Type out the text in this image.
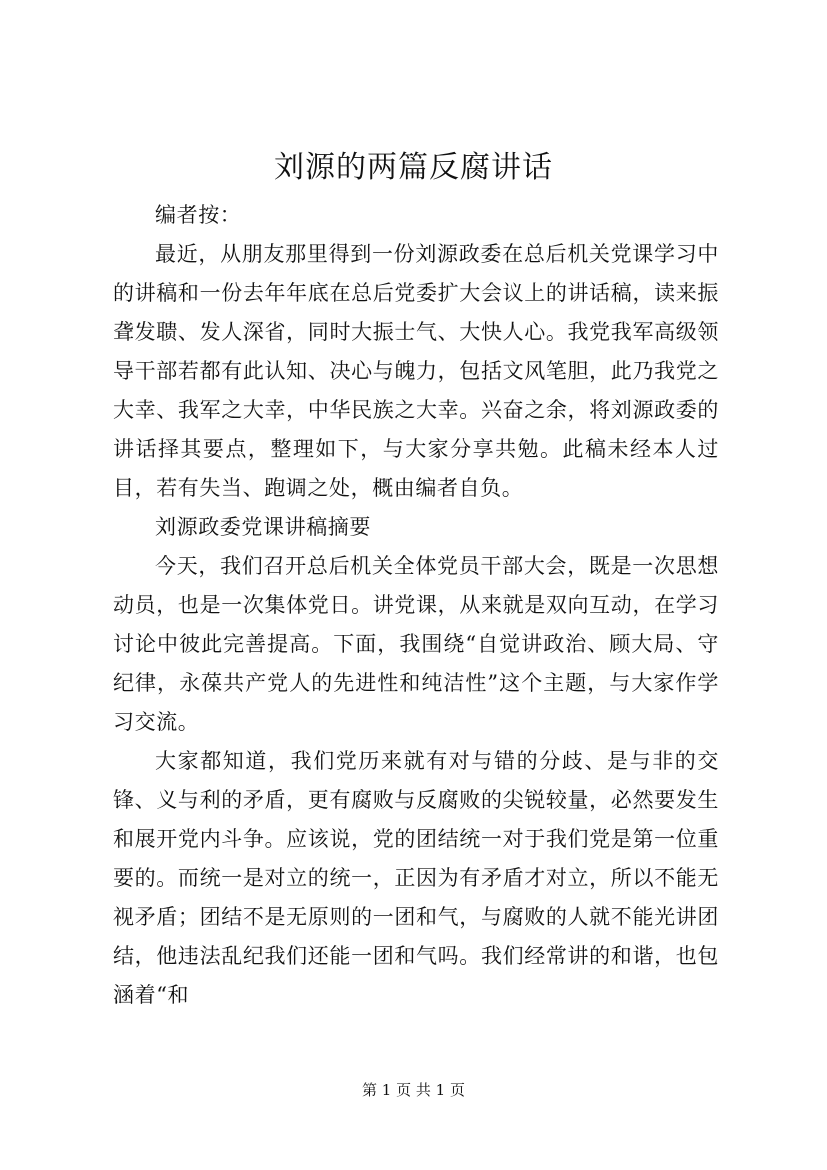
刘源的两篇反腐讲话

编者按：

最近，从朋友那里得到一份刘源政委在总后机关党课学习中的讲稿和一份去年年底在总后党委扩大会议上的讲话稿，读来振聋发聩、发人深省，同时大振士气、大快人心。我党我军高级领导干部若都有此认知、决心与魄力，包括文风笔胆，此乃我党之大幸、我军之大幸，中华民族之大幸。兴奋之余，将刘源政委的讲话择其要点，整理如下，与大家分享共勉。此稿未经本人过目，若有失当、跑调之处，概由编者自负。

刘源政委党课讲稿摘要

今天，我们召开总后机关全体党员干部大会，既是一次思想动员，也是一次集体党日。讲党课，从来就是双向互动，在学习讨论中彼此完善提高。下面，我围绕“自觉讲政治、顾大局、守纪律，永葆共产党人的先进性和纯洁性”这个主题，与大家作学习交流。

大家都知道，我们党历来就有对与错的分歧、是与非的交锋、义与利的矛盾，更有腐败与反腐败的尖锐较量，必然要发生和展开党内斗争。应该说，党的团结统一对于我们党是第一位重要的。而统一是对立的统一，正因为有矛盾才对立，所以不能无视矛盾；团结不是无原则的一团和气，与腐败的人就不能光讲团结，他违法乱纪我们还能一团和气吗。我们经常讲的和谐，也包涵着“和

第 1 页 共 1 页
